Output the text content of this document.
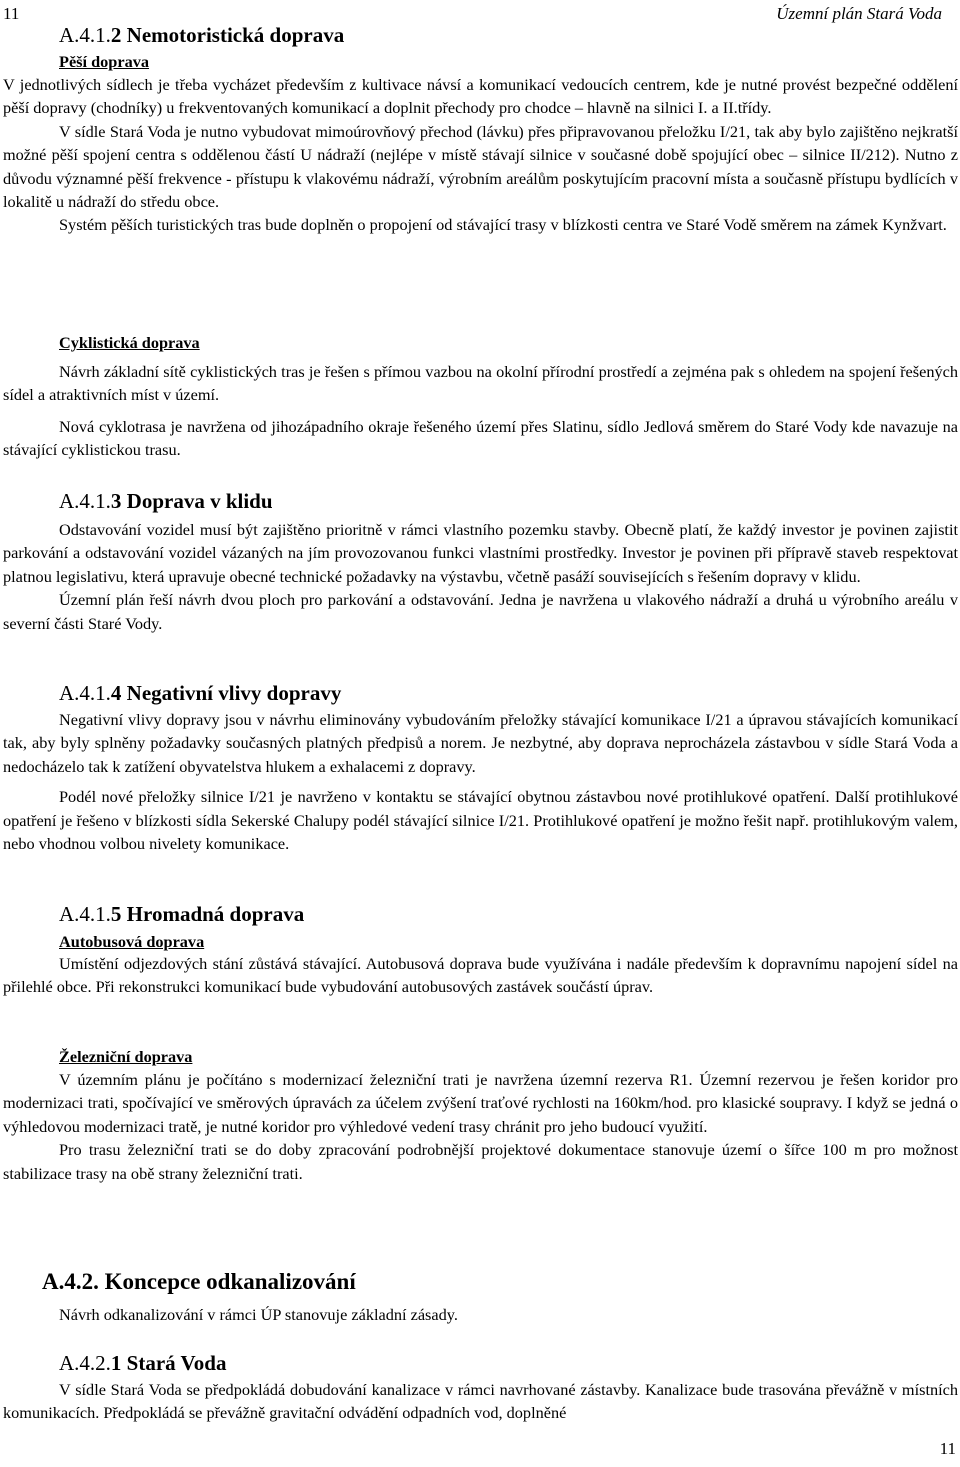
11	Územní plán Stará Voda
A.4.1.2 Nemotoristická doprava
Pěší doprava

V jednotlivých sídlech je třeba vycházet především z kultivace návsí a komunikací vedoucích centrem, kde je nutné provést bezpečné oddělení pěší dopravy (chodníky) u frekventovaných komunikací a doplnit přechody pro chodce – hlavně na silnici I. a II.třídy.

V sídle Stará Voda je nutno vybudovat mimoúrovňový přechod (lávku) přes připravovanou přeložku I/21, tak aby bylo zajištěno nejkratší možné pěší spojení centra s oddělenou částí U nádraží (nejlépe v místě stávají silnice v současné době spojující obec – silnice II/212). Nutno z důvodu významné pěší frekvence - přístupu k vlakovému nádraží, výrobním areálům poskytujícím pracovní místa a současně přístupu bydlících v lokalitě u nádraží do středu obce.

Systém pěších turistických tras bude doplněn o propojení od stávající trasy v blízkosti centra ve Staré Vodě směrem na zámek Kynžvart.

Cyklistická doprava

Návrh základní sítě cyklistických tras je řešen s přímou vazbou na okolní přírodní prostředí a zejména pak s ohledem na spojení řešených sídel a atraktivních míst v území.

Nová cyklotrasa je navržena od jihozápadního okraje řešeného území přes Slatinu, sídlo Jedlová směrem do Staré Vody kde navazuje na stávající cyklistickou trasu.

A.4.1.3 Doprava v klidu

Odstavování vozidel musí být zajištěno prioritně v rámci vlastního pozemku stavby. Obecně platí, že každý investor je povinen zajistit parkování a odstavování vozidel vázaných na jím provozovanou funkci vlastními prostředky. Investor je povinen při přípravě staveb respektovat platnou legislativu, která upravuje obecné technické požadavky na výstavbu, včetně pasáží souvisejících s řešením dopravy v klidu.

Územní plán řeší návrh dvou ploch pro parkování a odstavování. Jedna je navržena u vlakového nádraží a druhá u výrobního areálu v severní části Staré Vody.

A.4.1.4 Negativní vlivy dopravy

Negativní vlivy dopravy jsou v návrhu eliminovány vybudováním přeložky stávající komunikace I/21 a úpravou stávajících komunikací tak, aby byly splněny požadavky současných platných předpisů a norem. Je nezbytné, aby doprava neprocházela zástavbou v sídle Stará Voda a nedocházelo tak k zatížení obyvatelstva hlukem a exhalacemi z dopravy.

Podél nové přeložky silnice I/21 je navrženo v kontaktu se stávající obytnou zástavbou nové protihlukové opatření. Další protihlukové opatření je řešeno v blízkosti sídla Sekerské Chalupy podél stávající silnice I/21. Protihlukové opatření je možno řešit např. protihlukovým valem, nebo vhodnou volbou nivelety komunikace.

A.4.1.5 Hromadná doprava
Autobusová doprava

Umístění odjezdových stání zůstává stávající. Autobusová doprava bude využívána i nadále především k dopravnímu napojení sídel na přilehlé obce. Při rekonstrukci komunikací bude vybudování autobusových zastávek součástí úprav.

Železniční doprava

V územním plánu je počítáno s modernizací železniční trati je navržena územní rezerva R1. Územní rezervou je řešen koridor pro modernizaci trati, spočívající ve směrových úpravách za účelem zvýšení traťové rychlosti na 160km/hod. pro klasické soupravy. I když se jedná o výhledovou modernizaci tratě, je nutné koridor pro výhledové vedení trasy chránit pro jeho budoucí využití.

Pro trasu železniční trati se do doby zpracování podrobnější projektové dokumentace stanovuje území o šířce 100 m pro možnost stabilizace trasy na obě strany železniční trati.

A.4.2. Koncepce odkanalizování

Návrh odkanalizování v rámci ÚP stanovuje základní zásady.

A.4.2.1 Stará Voda

V sídle Stará Voda se předpokládá dobudování kanalizace v rámci navrhované zástavby. Kanalizace bude trasována převážně v místních komunikacích. Předpokládá se převážně gravitační odvádění odpadních vod, doplněné

11
